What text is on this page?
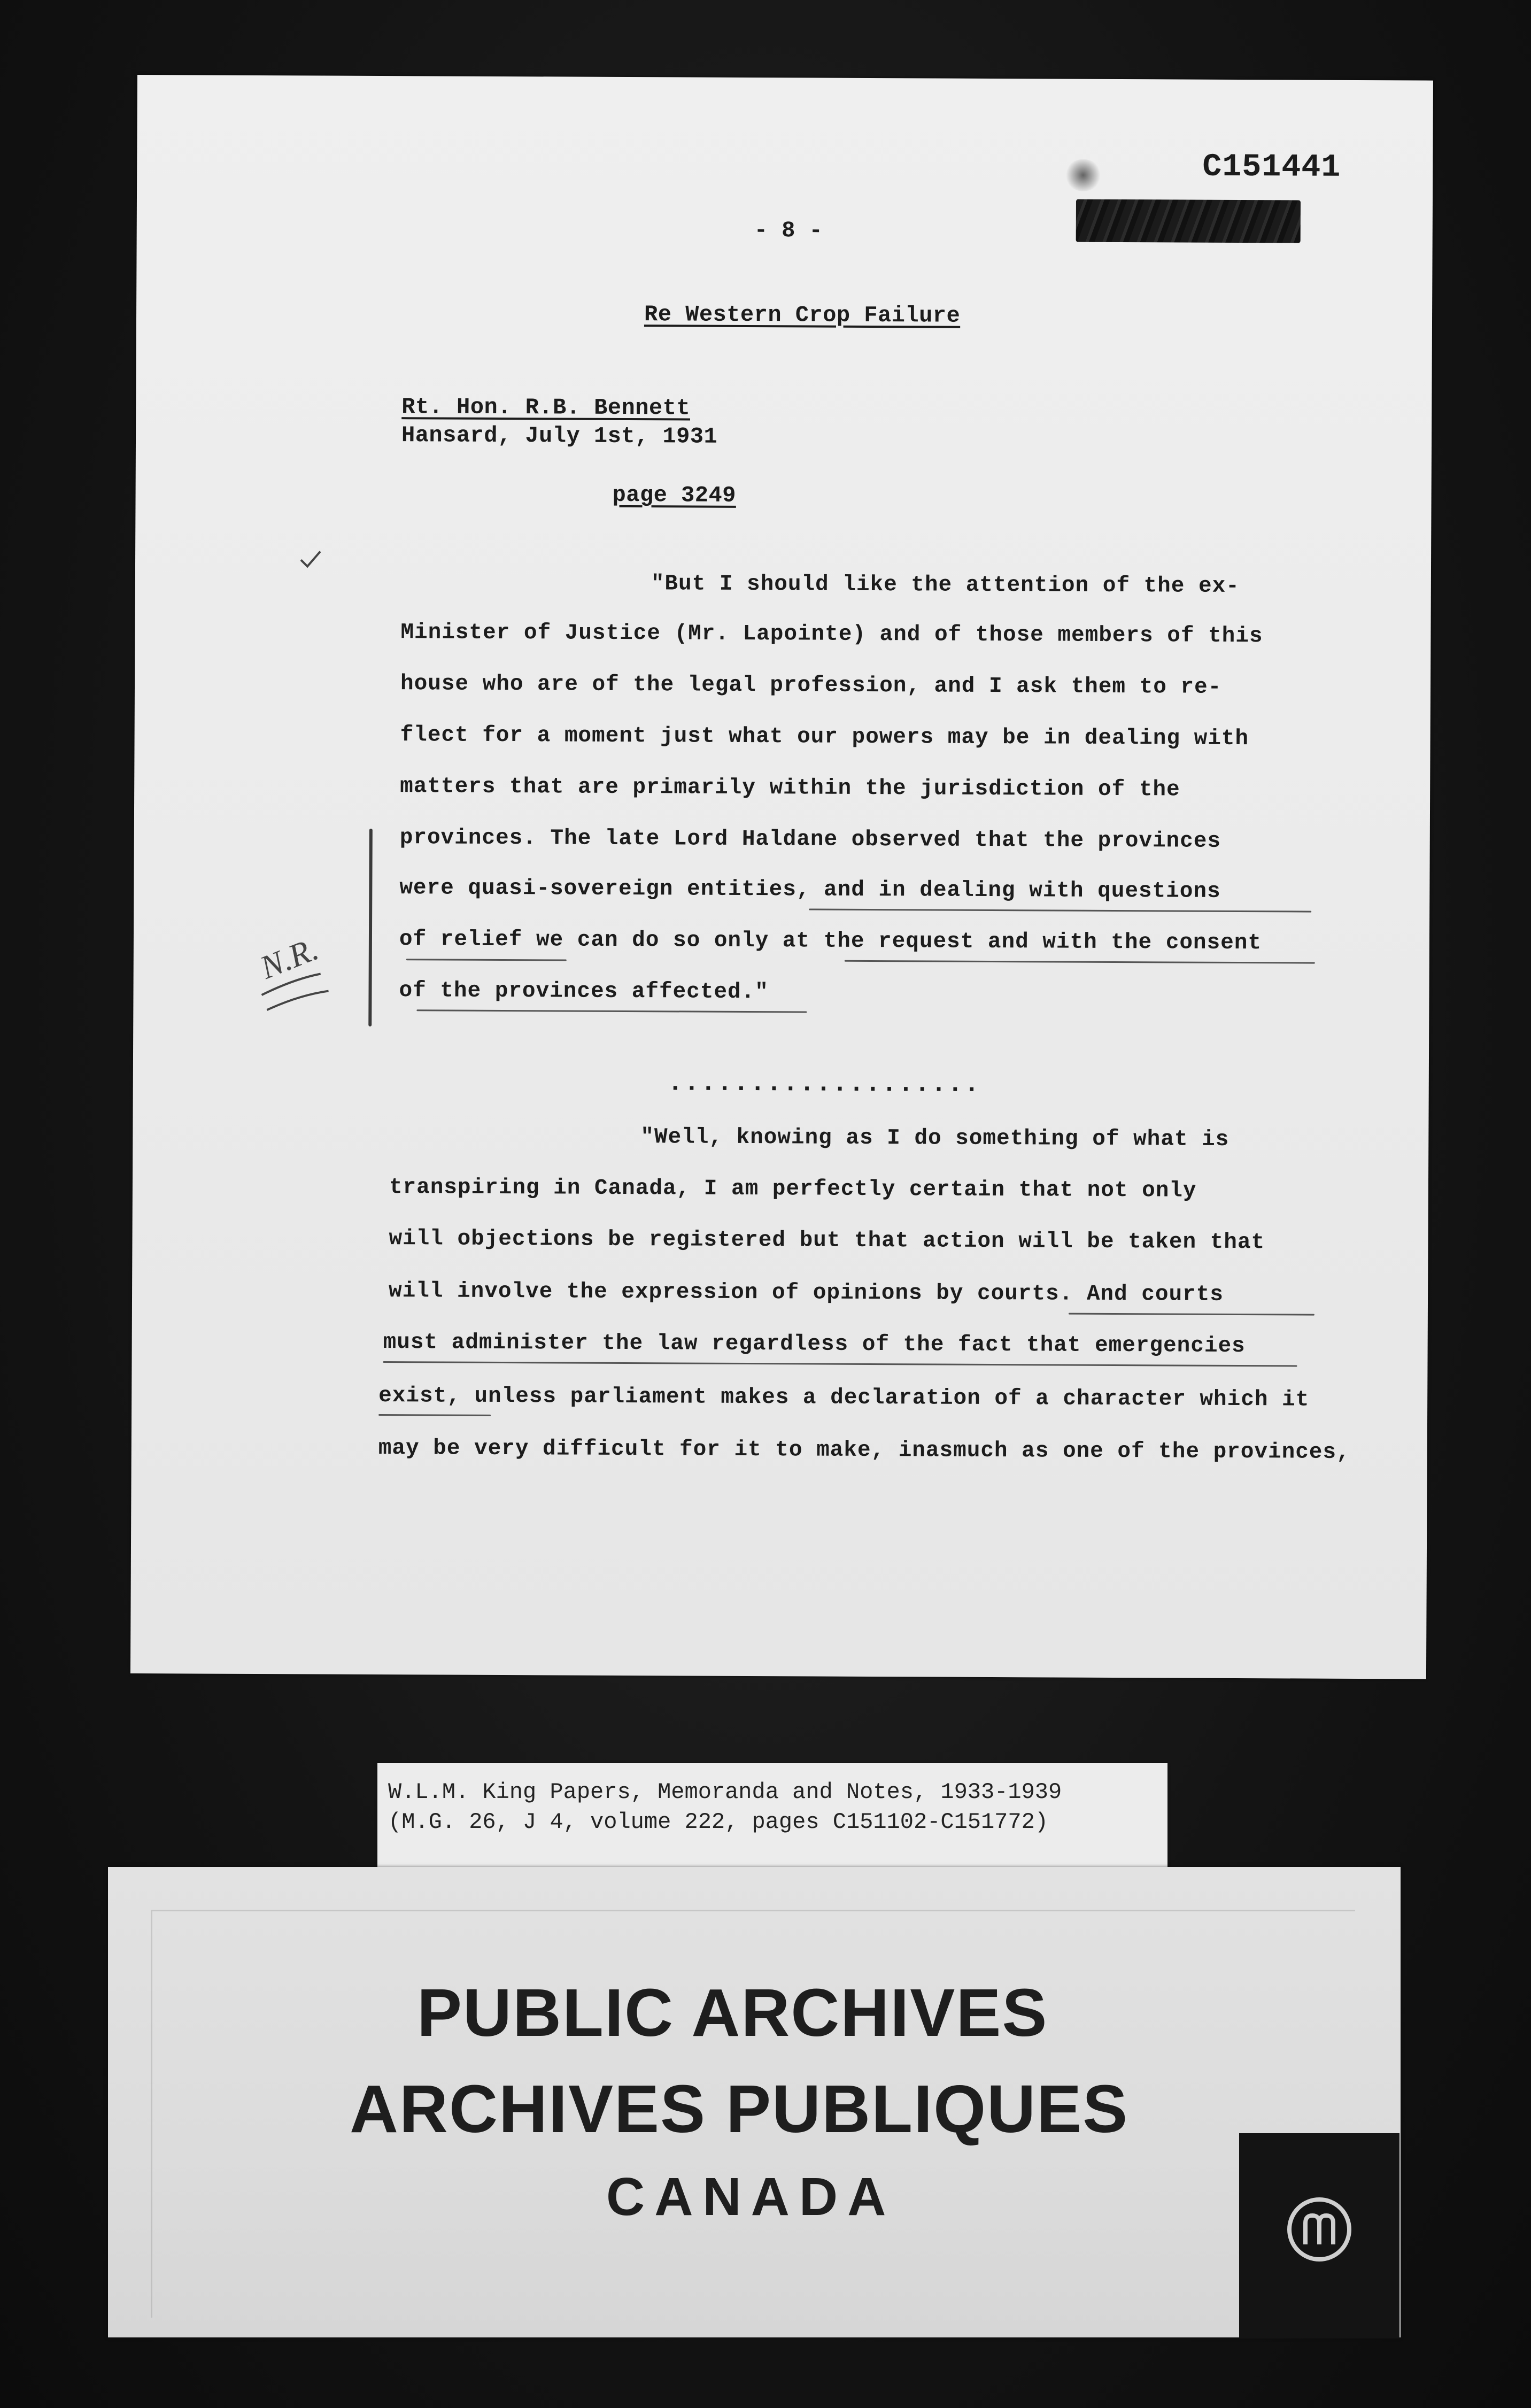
C151441
- 8 -
Re Western Crop Failure
Rt. Hon. R.B. Bennett
Hansard, July 1st, 1931
page 3249
"But I should like the attention of the ex-
Minister of Justice (Mr. Lapointe) and of those members of this
house who are of the legal profession, and I ask them to re-
flect for a moment just what our powers may be in dealing with
matters that are primarily within the jurisdiction of the
provinces. The late Lord Haldane observed that the provinces
were quasi-sovereign entities, and in dealing with questions
of relief we can do so only at the request and with the consent
of the provinces affected."
N.R.
...................
"Well, knowing as I do something of what is
transpiring in Canada, I am perfectly certain that not only
will objections be registered but that action will be taken that
will involve the expression of opinions by courts. And courts
must administer the law regardless of the fact that emergencies
exist, unless parliament makes a declaration of a character which it
may be very difficult for it to make, inasmuch as one of the provinces,
W.L.M. King Papers, Memoranda and Notes, 1933-1939
(M.G. 26, J 4, volume 222, pages C151102-C151772)
PUBLIC ARCHIVES
ARCHIVES PUBLIQUES
CANADA
